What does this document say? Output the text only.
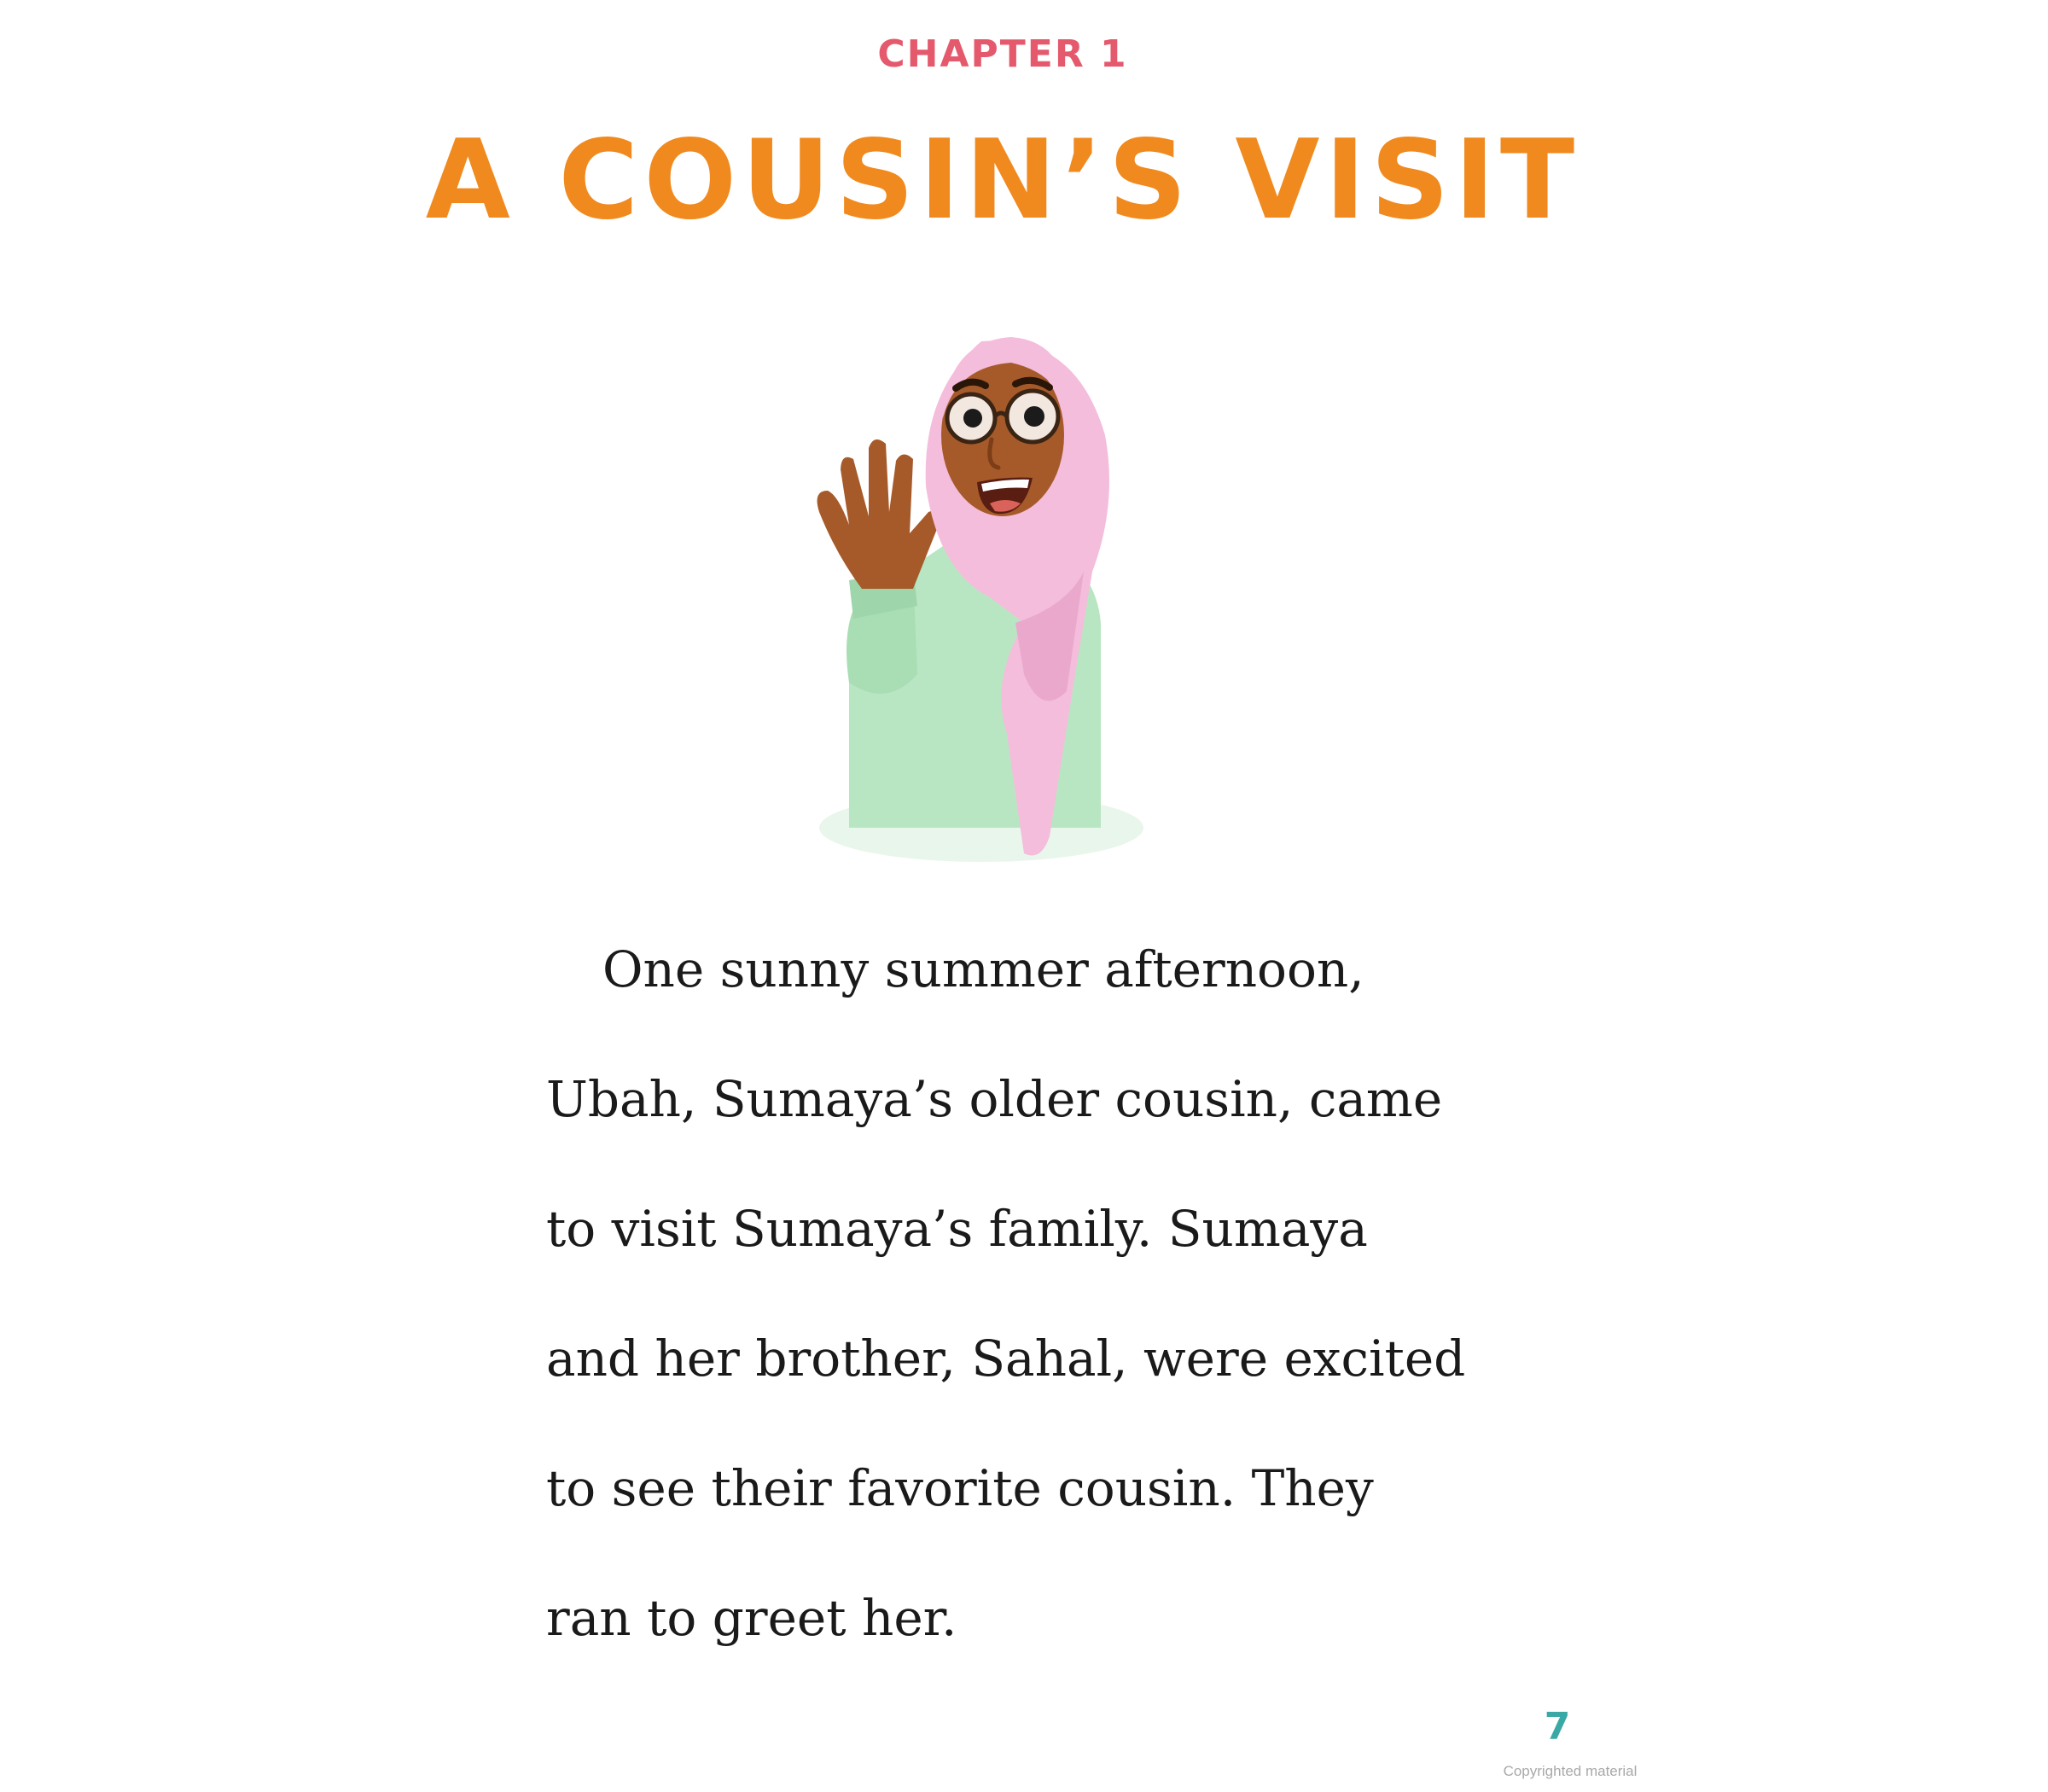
CHAPTER 1
A COUSIN’S VISIT
One sunny summer afternoon,
Ubah, Sumaya’s older cousin, came
to visit Sumaya’s family. Sumaya
and her brother, Sahal, were excited
to see their favorite cousin. They
ran to greet her.
7
Copyrighted material
